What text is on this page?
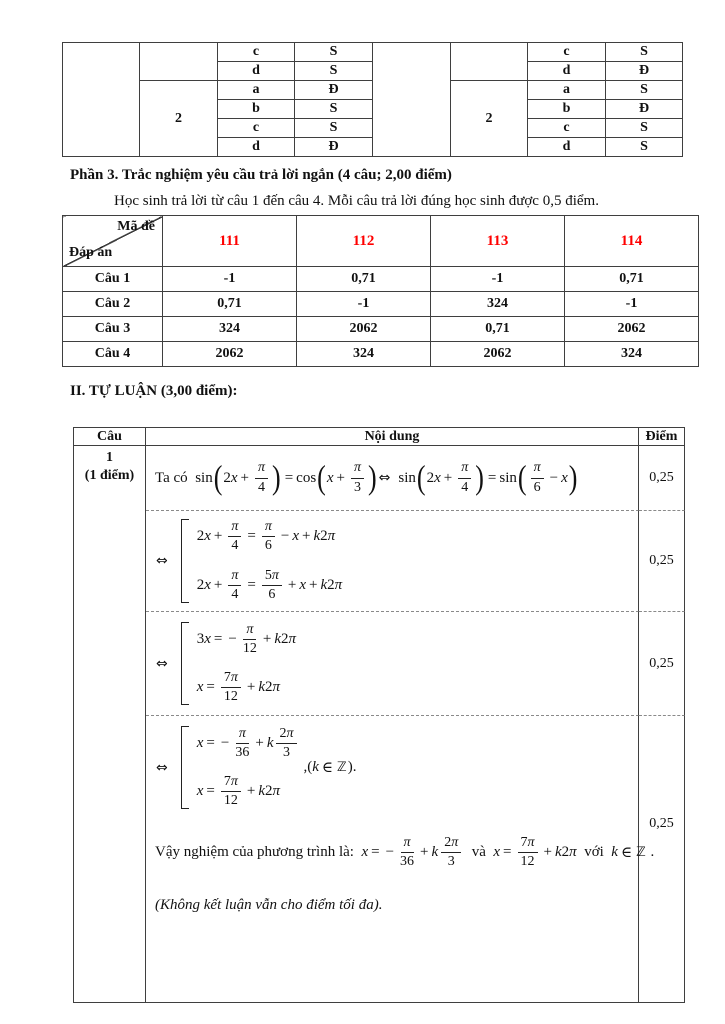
		c	S			c	S
		d	S			d	Đ
	2	a	Đ		2	a	S
		b	S			b	Đ
		c	S			c	S
		d	Đ			d	S
Phần 3. Trắc nghiệm yêu cầu trả lời ngắn (4 câu; 2,00 điểm)
Học sinh trả lời từ câu 1 đến câu 4. Mỗi câu trả lời đúng học sinh được 0,5 điểm.
Mã đề
Đáp án	111	112	113	114
Câu 1	-1	0,71	-1	0,71
Câu 2	0,71	-1	324	-1
Câu 3	324	2062	0,71	2062
Câu 4	2062	324	2062	324
II. TỰ LUẬN (3,00 điểm):
Câu	Nội dung	Điểm

1
(1 điểm)	Ta có sin ( 2 $x + \frac{\pi}{4}$ ) = cos ( $x + \frac{\pi}{3}$ ) ⇔ sin ( 2 $x + \frac{\pi}{4}$ ) = sin ( $\frac{\pi}{6} - x$ )	0,25

⇔
2 $x + \frac{\pi}{4} = \frac{\pi}{6} - x + k$ 2 π
2 $x + \frac{\pi}{4} = \frac{5 \pi}{6} + x + k$ 2 π
	0,25

⇔
3 x = − $\frac{\pi}{12} + k$ 2 π
$x = \frac{7 \pi}{12} + k$ 2 π
	0,25

⇔
x = − $\frac{\pi}{36} + k \frac{2 \pi}{3}$
$x = \frac{7 \pi}{12} + k$ 2 π
,( k ∈ ℤ ).
Vậy nghiệm của phương trình là: x = − $\frac{\pi}{36} + k \frac{2 \pi}{3}$ và $x = \frac{7 \pi}{12} + k$ 2 π với k ∈ ℤ .
(Không kết luận vẫn cho điểm tối đa).
	0,25
